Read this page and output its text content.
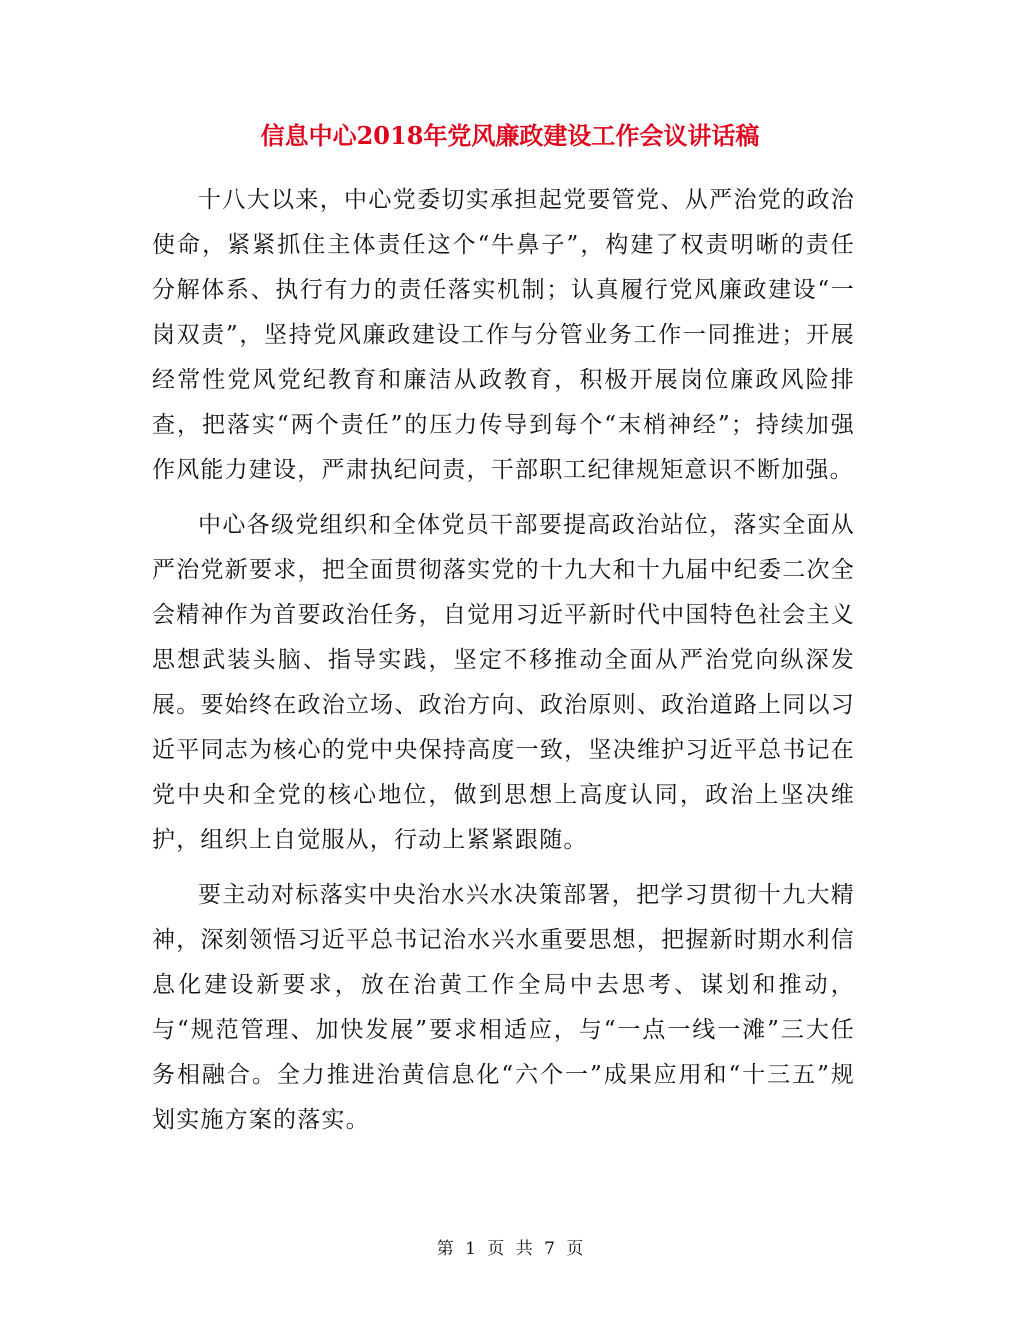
信息中心2018年党风廉政建设工作会议讲话稿

十八大以来，中心党委切实承担起党要管党、从严治党的政治使命，紧紧抓住主体责任这个“牛鼻子”，构建了权责明晰的责任分解体系、执行有力的责任落实机制；认真履行党风廉政建设“一岗双责”，坚持党风廉政建设工作与分管业务工作一同推进；开展经常性党风党纪教育和廉洁从政教育，积极开展岗位廉政风险排查，把落实“两个责任”的压力传导到每个“末梢神经”；持续加强作风能力建设，严肃执纪问责，干部职工纪律规矩意识不断加强。

中心各级党组织和全体党员干部要提高政治站位，落实全面从严治党新要求，把全面贯彻落实党的十九大和十九届中纪委二次全会精神作为首要政治任务，自觉用习近平新时代中国特色社会主义思想武装头脑、指导实践，坚定不移推动全面从严治党向纵深发展。要始终在政治立场、政治方向、政治原则、政治道路上同以习近平同志为核心的党中央保持高度一致，坚决维护习近平总书记在党中央和全党的核心地位，做到思想上高度认同，政治上坚决维护，组织上自觉服从，行动上紧紧跟随。

要主动对标落实中央治水兴水决策部署，把学习贯彻十九大精神，深刻领悟习近平总书记治水兴水重要思想，把握新时期水利信息化建设新要求，放在治黄工作全局中去思考、谋划和推动，与“规范管理、加快发展”要求相适应，与“一点一线一滩”三大任务相融合。全力推进治黄信息化“六个一”成果应用和“十三五”规划实施方案的落实。

第 1 页 共 7 页
